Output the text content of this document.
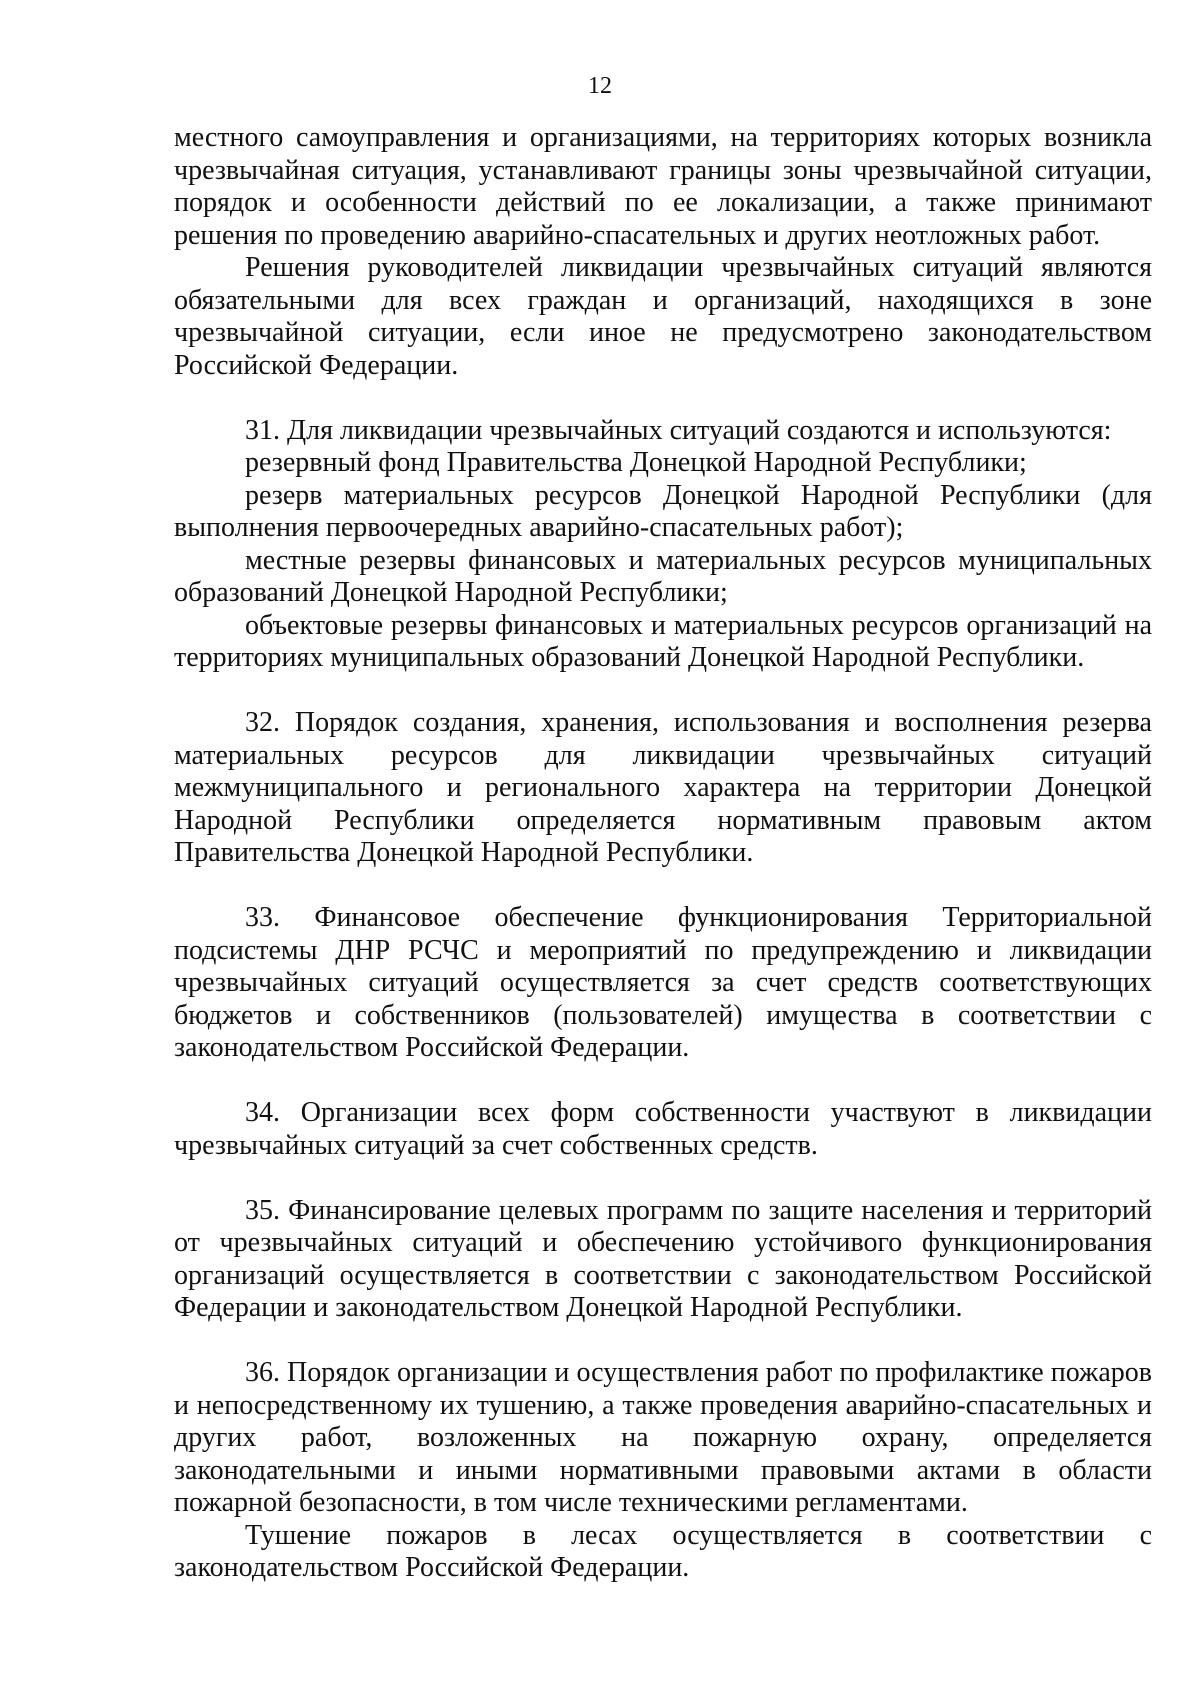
12

местного самоуправления и организациями, на территориях которых возникла чрезвычайная ситуация, устанавливают границы зоны чрезвычайной ситуации, порядок и особенности действий по ее локализации, а также принимают решения по проведению аварийно-спасательных и других неотложных работ.

Решения руководителей ликвидации чрезвычайных ситуаций являются обязательными для всех граждан и организаций, находящихся в зоне чрезвычайной ситуации, если иное не предусмотрено законодательством Российской Федерации.

31. Для ликвидации чрезвычайных ситуаций создаются и используются:

резервный фонд Правительства Донецкой Народной Республики;

резерв материальных ресурсов Донецкой Народной Республики (для выполнения первоочередных аварийно-спасательных работ);

местные резервы финансовых и материальных ресурсов муниципальных образований Донецкой Народной Республики;

объектовые резервы финансовых и материальных ресурсов организаций на территориях муниципальных образований Донецкой Народной Республики.

32. Порядок создания, хранения, использования и восполнения резерва материальных ресурсов для ликвидации чрезвычайных ситуаций межмуниципального и регионального характера на территории Донецкой Народной Республики определяется нормативным правовым актом Правительства Донецкой Народной Республики.

33. Финансовое обеспечение функционирования Территориальной подсистемы ДНР РСЧС и мероприятий по предупреждению и ликвидации чрезвычайных ситуаций осуществляется за счет средств соответствующих бюджетов и собственников (пользователей) имущества в соответствии с законодательством Российской Федерации.

34. Организации всех форм собственности участвуют в ликвидации чрезвычайных ситуаций за счет собственных средств.

35. Финансирование целевых программ по защите населения и территорий от чрезвычайных ситуаций и обеспечению устойчивого функционирования организаций осуществляется в соответствии с законодательством Российской Федерации и законодательством Донецкой Народной Республики.

36. Порядок организации и осуществления работ по профилактике пожаров и непосредственному их тушению, а также проведения аварийно-спасательных и других работ, возложенных на пожарную охрану, определяется законодательными и иными нормативными правовыми актами в области пожарной безопасности, в том числе техническими регламентами.

Тушение пожаров в лесах осуществляется в соответствии с законодательством Российской Федерации.
